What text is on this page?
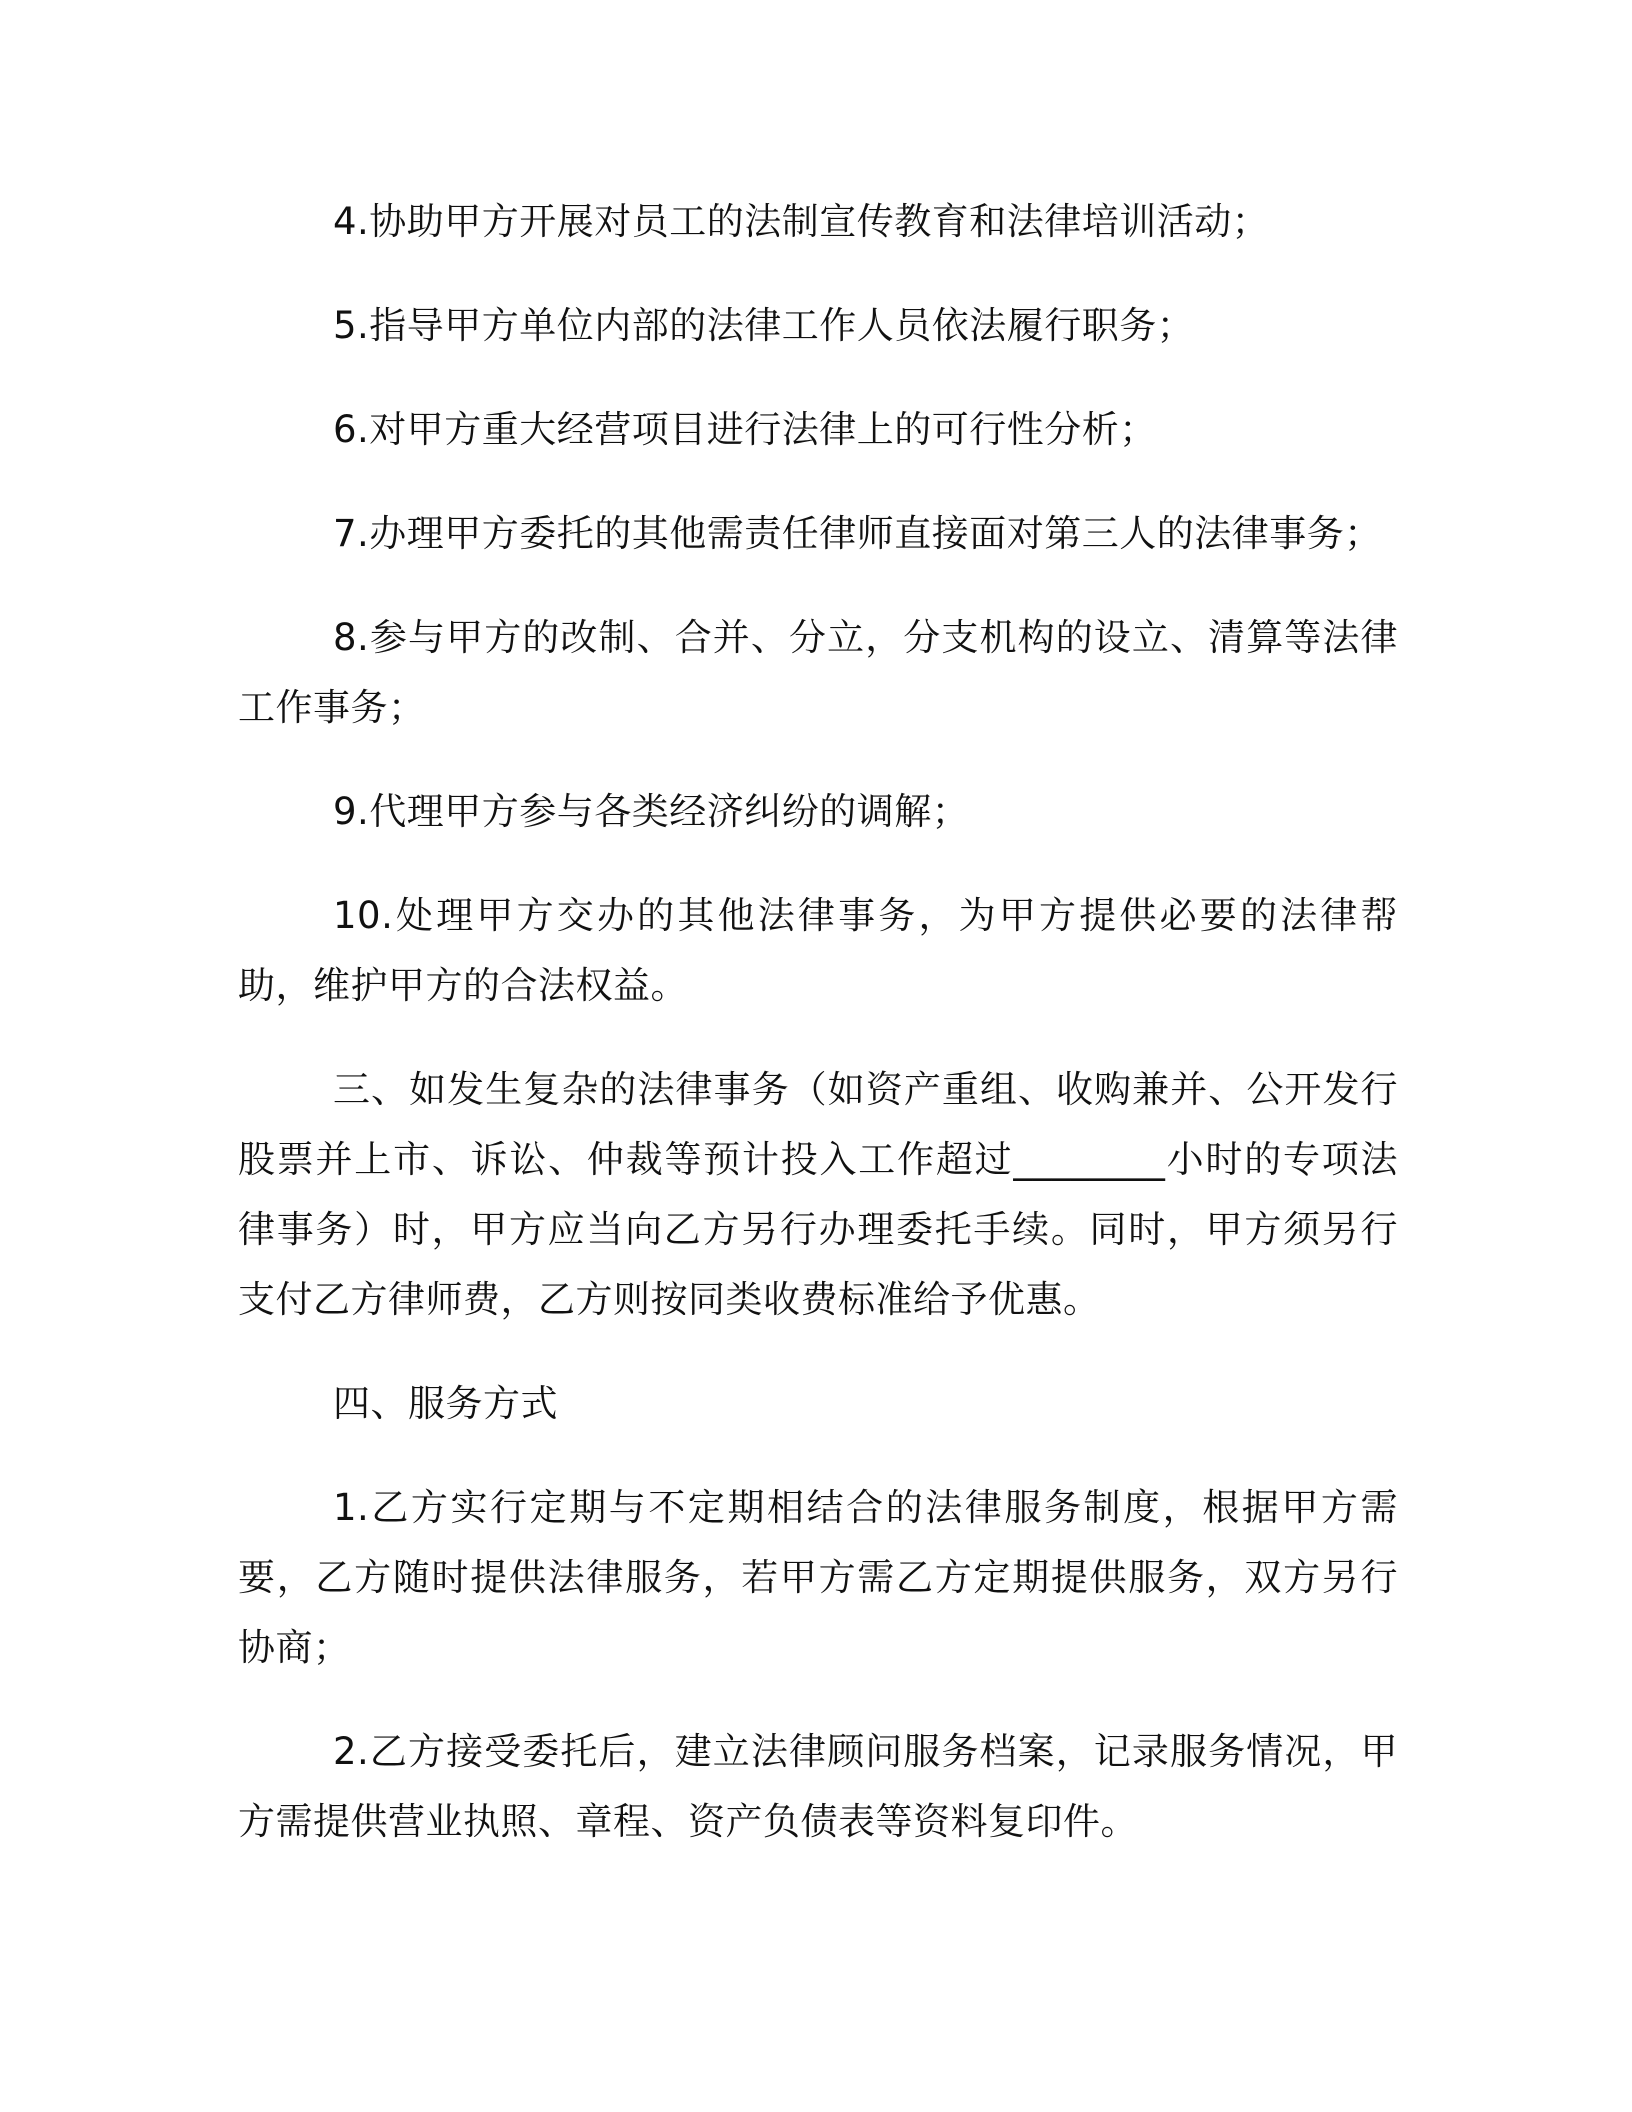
4.协助甲方开展对员工的法制宣传教育和法律培训活动；

5.指导甲方单位内部的法律工作人员依法履行职务；

6.对甲方重大经营项目进行法律上的可行性分析；

7.办理甲方委托的其他需责任律师直接面对第三人的法律事务；

8.参与甲方的改制、合并、分立，分支机构的设立、清算等法律工作事务；

9.代理甲方参与各类经济纠纷的调解；

10.处理甲方交办的其他法律事务，为甲方提供必要的法律帮助，维护甲方的合法权益。

三、如发生复杂的法律事务（如资产重组、收购兼并、公开发行股票并上市、诉讼、仲裁等预计投入工作超过________小时的专项法律事务）时，甲方应当向乙方另行办理委托手续。同时，甲方须另行支付乙方律师费，乙方则按同类收费标准给予优惠。

四、服务方式

1.乙方实行定期与不定期相结合的法律服务制度，根据甲方需要，乙方随时提供法律服务，若甲方需乙方定期提供服务，双方另行协商；

2.乙方接受委托后，建立法律顾问服务档案，记录服务情况，甲方需提供营业执照、章程、资产负债表等资料复印件。
